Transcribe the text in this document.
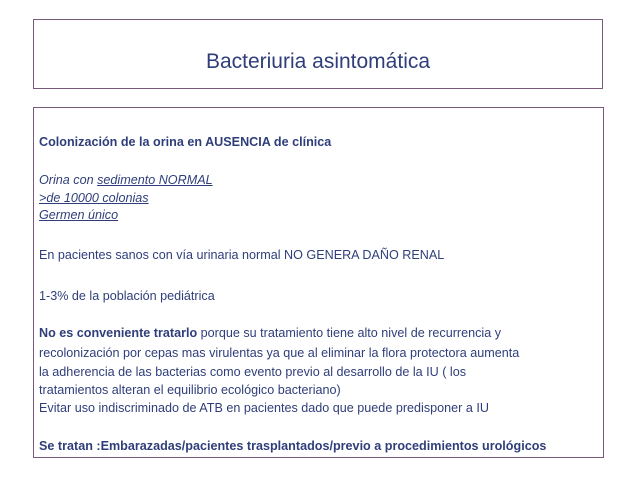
Bacteriuria asintomática
Colonización de la orina en AUSENCIA de clínica
Orina con sedimento NORMAL
>de 10000 colonias
Germen único
En pacientes sanos con vía urinaria normal NO GENERA DAÑO RENAL
1-3% de la población pediátrica
No es conveniente tratarlo porque su tratamiento tiene alto nivel de recurrencia y
recolonización por cepas mas virulentas ya que al eliminar la flora protectora aumenta
la adherencia de las bacterias como evento previo al desarrollo de la IU ( los
tratamientos alteran el equilibrio ecológico bacteriano)
Evitar uso indiscriminado de ATB en pacientes dado que puede predisponer a IU
Se tratan :Embarazadas/pacientes trasplantados/previo a procedimientos urológicos
